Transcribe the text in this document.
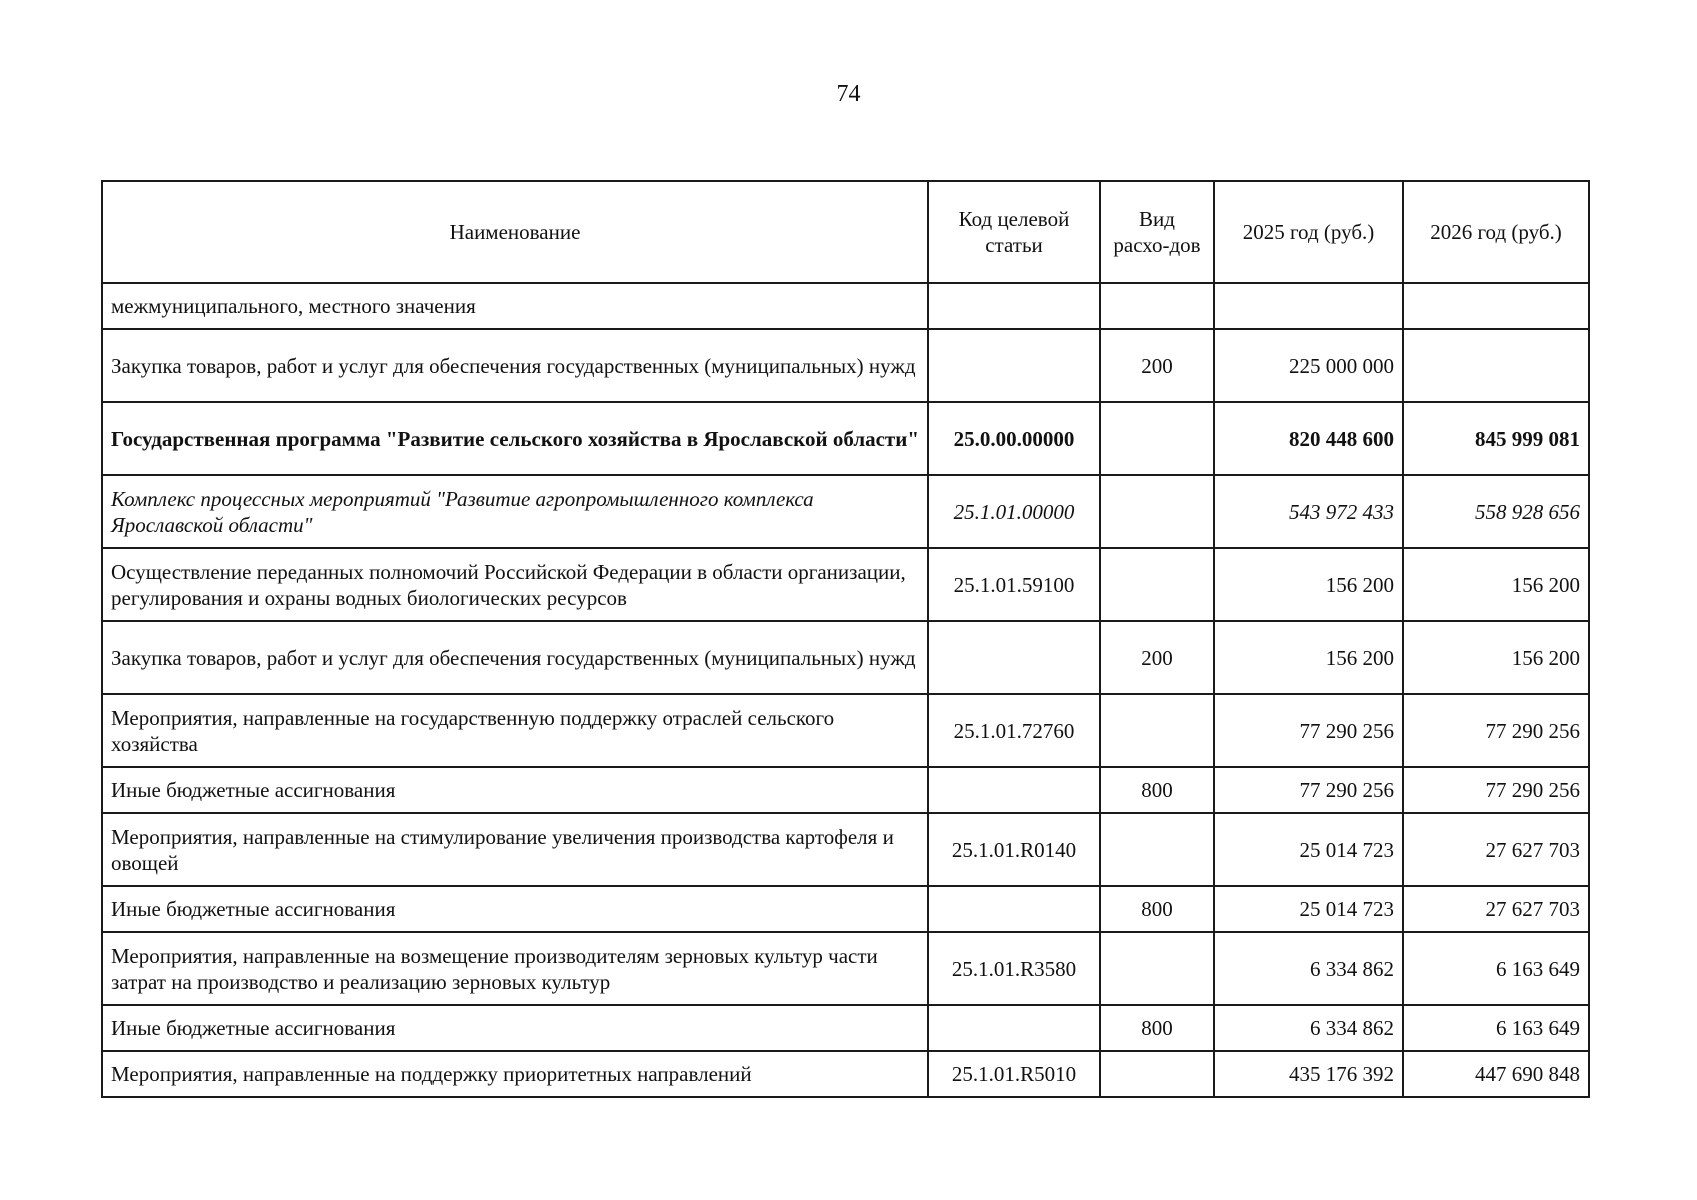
74
Наименование	Код целевой статьи	Вид расхо-дов	2025 год (руб.)	2026 год (руб.)
межмуниципального, местного значения				
Закупка товаров, работ и услуг для обеспечения государственных (муниципальных) нужд		200	225 000 000	
Государственная программа "Развитие сельского хозяйства в Ярославской области"	25.0.00.00000		820 448 600	845 999 081
Комплекс процессных мероприятий "Развитие агропромышленного комплекса Ярославской области"	25.1.01.00000		543 972 433	558 928 656
Осуществление переданных полномочий Российской Федерации в области организации, регулирования и охраны водных биологических ресурсов	25.1.01.59100		156 200	156 200
Закупка товаров, работ и услуг для обеспечения государственных (муниципальных) нужд		200	156 200	156 200
Мероприятия, направленные на государственную поддержку отраслей сельского хозяйства	25.1.01.72760		77 290 256	77 290 256
Иные бюджетные ассигнования		800	77 290 256	77 290 256
Мероприятия, направленные на стимулирование увеличения производства картофеля и овощей	25.1.01.R0140		25 014 723	27 627 703
Иные бюджетные ассигнования		800	25 014 723	27 627 703
Мероприятия, направленные на возмещение производителям зерновых культур части затрат на производство и реализацию зерновых культур	25.1.01.R3580		6 334 862	6 163 649
Иные бюджетные ассигнования		800	6 334 862	6 163 649
Мероприятия, направленные на поддержку приоритетных направлений	25.1.01.R5010		435 176 392	447 690 848
